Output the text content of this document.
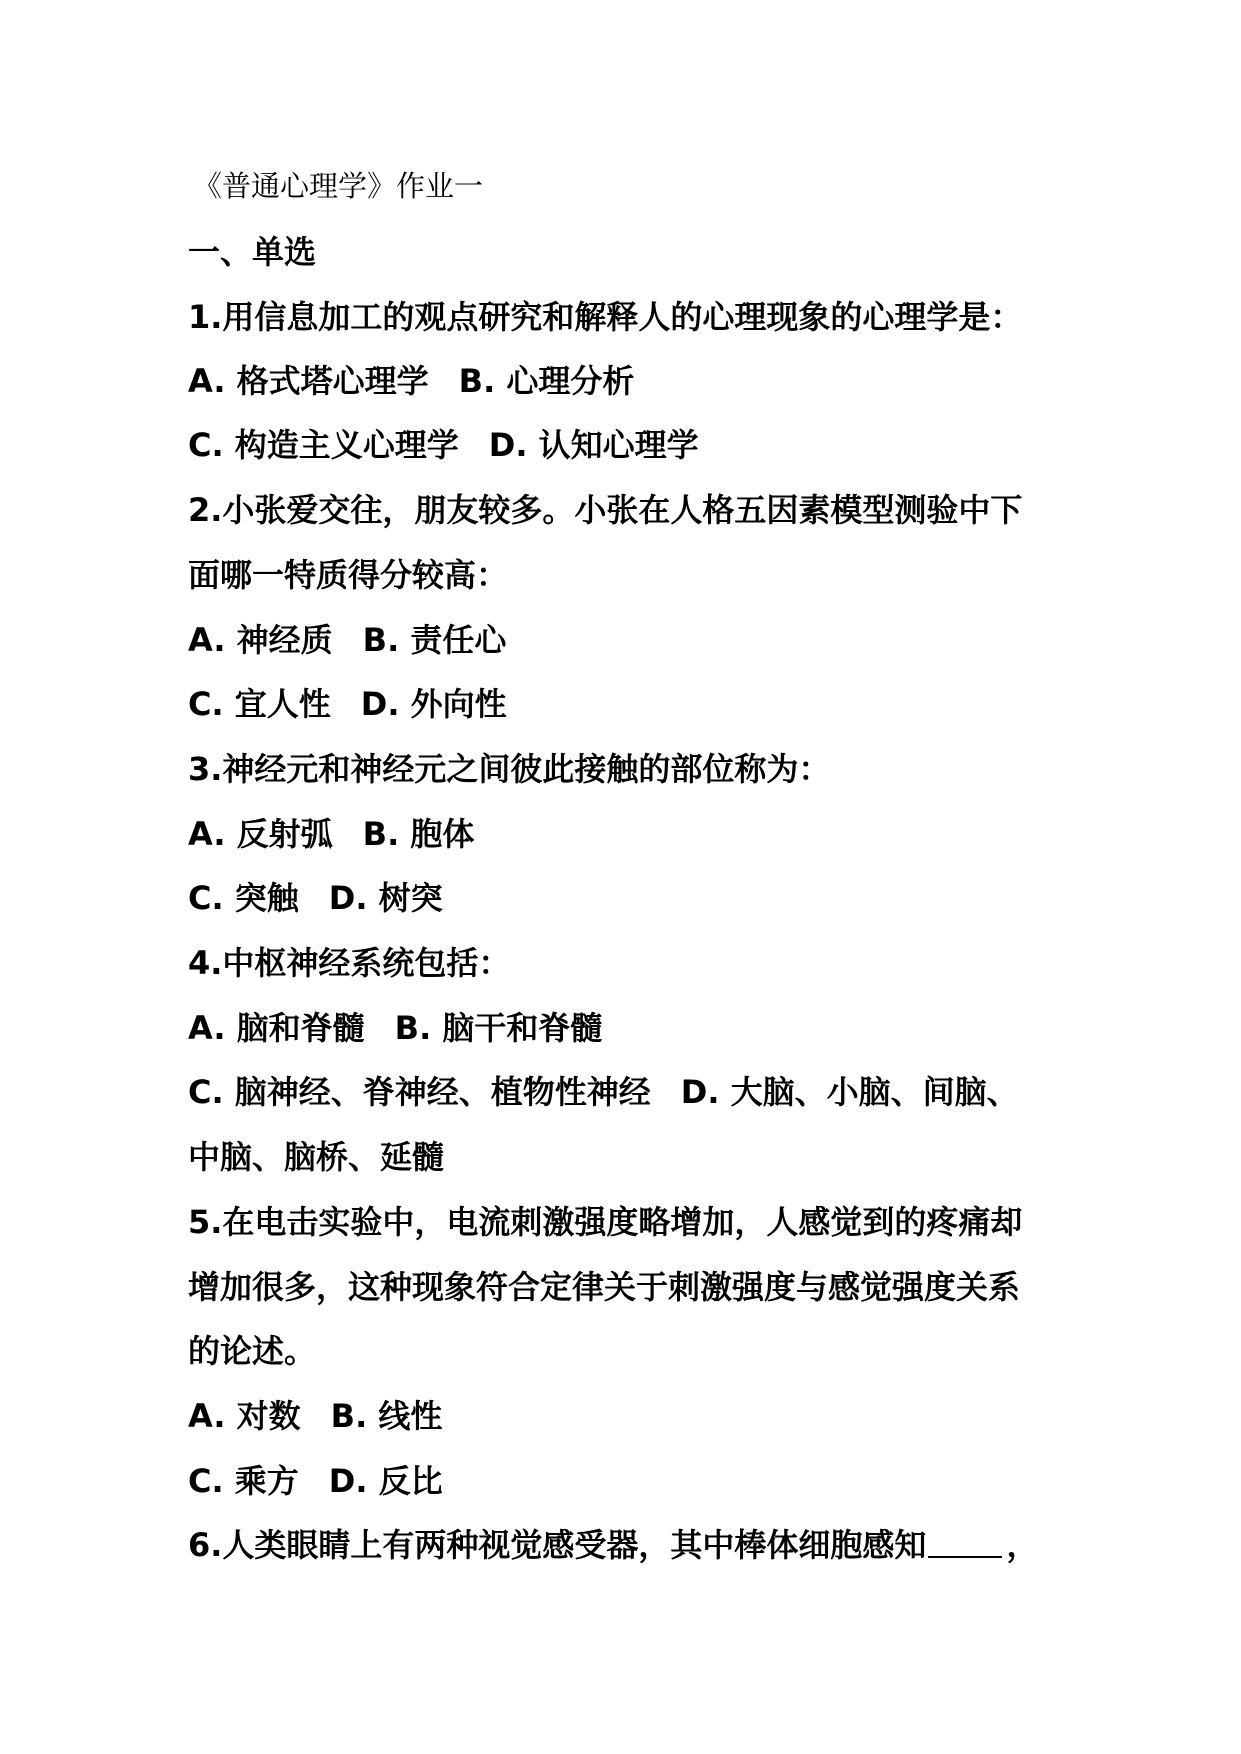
《普通心理学》作业一
一、单选
1.用信息加工的观点研究和解释人的心理现象的心理学是：
A. 格式塔心理学 B. 心理分析
C. 构造主义心理学 D. 认知心理学
2.小张爱交往，朋友较多。小张在人格五因素模型测验中下
面哪一特质得分较高：
A. 神经质 B. 责任心
C. 宜人性 D. 外向性
3.神经元和神经元之间彼此接触的部位称为：
A. 反射弧 B. 胞体
C. 突触 D. 树突
4.中枢神经系统包括：
A. 脑和脊髓 B. 脑干和脊髓
C. 脑神经、脊神经、植物性神经 D. 大脑、小脑、间脑、
中脑、脑桥、延髓
5.在电击实验中，电流刺激强度略增加，人感觉到的疼痛却
增加很多，这种现象符合定律关于刺激强度与感觉强度关系
的论述。
A. 对数 B. 线性
C. 乘方 D. 反比
6.人类眼睛上有两种视觉感受器，其中棒体细胞感知	，
